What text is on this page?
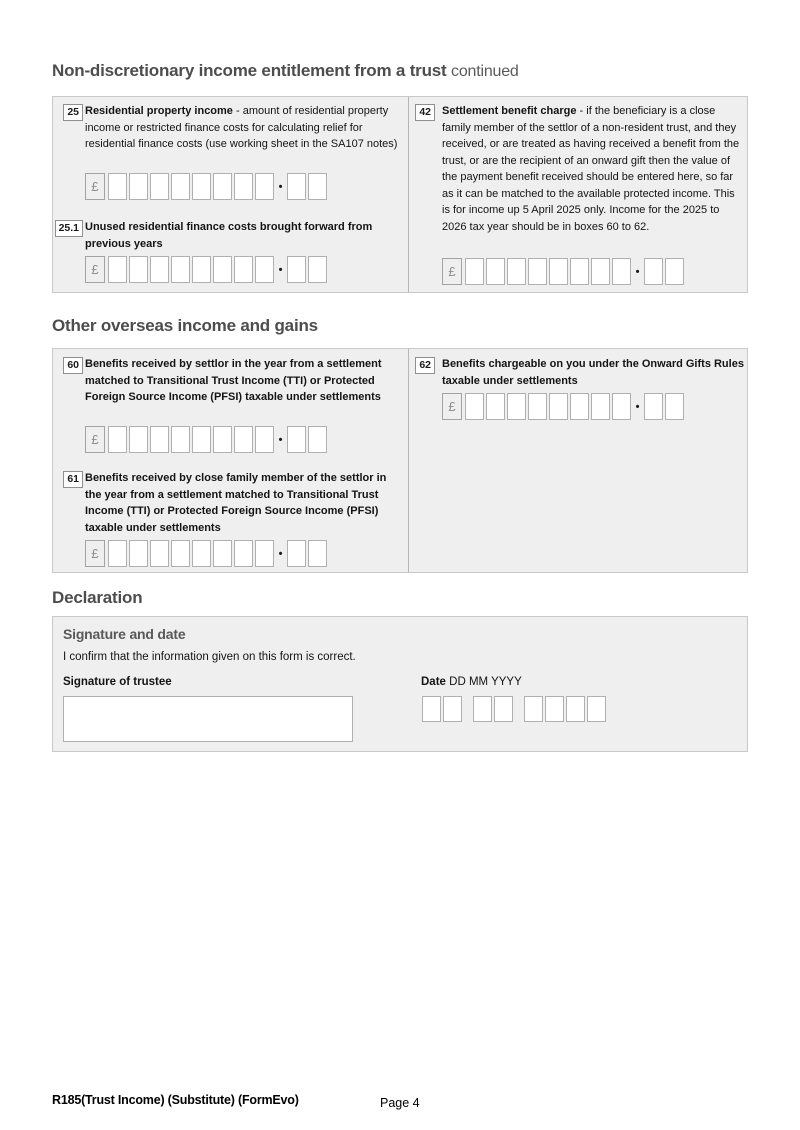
Non-discretionary income entitlement from a trust continued
25 Residential property income - amount of residential property income or restricted finance costs for calculating relief for residential finance costs (use working sheet in the SA107 notes)
£	•
25.1 Unused residential finance costs brought forward from previous years
£	•
42	Settlement benefit charge - if the beneficiary is a close family member of the settlor of a non-resident trust, and they received, or are treated as having received a benefit from the trust, or are the recipient of an onward gift then the value of the payment benefit received should be entered here, so far as it can be matched to the available protected income. This is for income up 5 April 2025 only. Income for the 2025 to 2026 tax year should be in boxes 60 to 62.
£	•
Other overseas income and gains
60 Benefits received by settlor in the year from a settlement matched to Transitional Trust Income (TTI) or Protected Foreign Source Income (PFSI) taxable under settlements
£	•
61 Benefits received by close family member of the settlor in the year from a settlement matched to Transitional Trust Income (TTI) or Protected Foreign Source Income (PFSI) taxable under settlements
£	•
62	Benefits chargeable on you under the Onward Gifts Rules taxable under settlements
£	•
Declaration
Signature and date
I confirm that the information given on this form is correct.
Signature of trustee	Date DD MM YYYY
R185(Trust Income) (Substitute) (FormEvo)	Page 4
